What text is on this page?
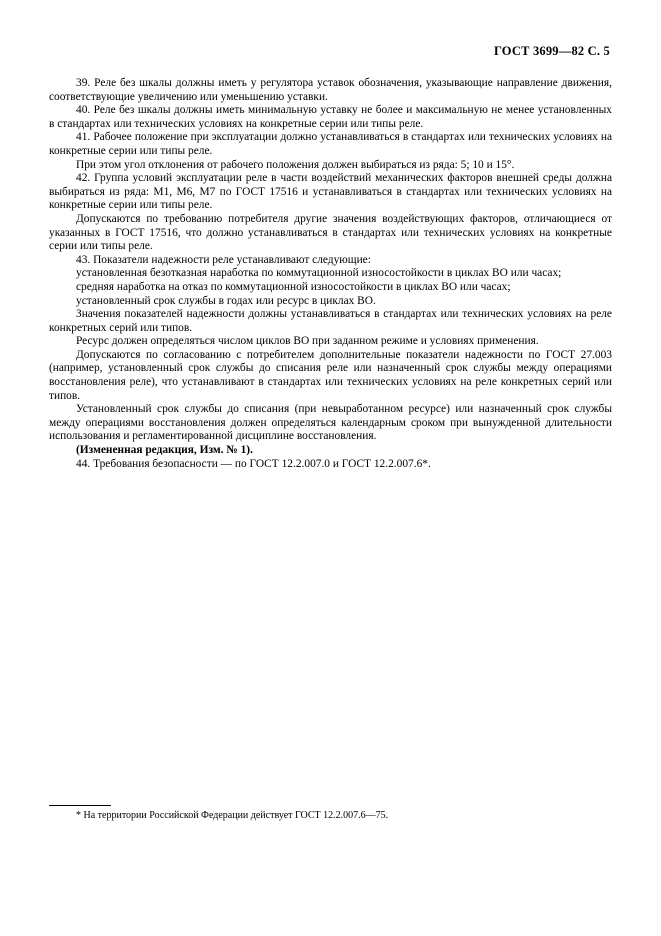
ГОСТ 3699—82 С. 5

39. Реле без шкалы должны иметь у регулятора уставок обозначения, указывающие направление движения, соответствующие увеличению или уменьшению уставки.

40. Реле без шкалы должны иметь минимальную уставку не более и максимальную не менее установленных в стандартах или технических условиях на конкретные серии или типы реле.

41. Рабочее положение при эксплуатации должно устанавливаться в стандартах или технических условиях на конкретные серии или типы реле.

При этом угол отклонения от рабочего положения должен выбираться из ряда: 5; 10 и 15°.

42. Группа условий эксплуатации реле в части воздействий механических факторов внешней среды должна выбираться из ряда: М1, М6, М7 по ГОСТ 17516 и устанавливаться в стандартах или технических условиях на конкретные серии или типы реле.

Допускаются по требованию потребителя другие значения воздействующих факторов, отличающиеся от указанных в ГОСТ 17516, что должно устанавливаться в стандартах или технических условиях на конкретные серии или типы реле.

43. Показатели надежности реле устанавливают следующие:

установленная безотказная наработка по коммутационной износостойкости в циклах ВО или часах;

средняя наработка на отказ по коммутационной износостойкости в циклах ВО или часах;

установленный срок службы в годах или ресурс в циклах ВО.

Значения показателей надежности должны устанавливаться в стандартах или технических условиях на реле конкретных серий или типов.

Ресурс должен определяться числом циклов ВО при заданном режиме и условиях применения.

Допускаются по согласованию с потребителем дополнительные показатели надежности по ГОСТ 27.003 (например, установленный срок службы до списания реле или назначенный срок службы между операциями восстановления реле), что устанавливают в стандартах или технических условиях на реле конкретных серий или типов.

Установленный срок службы до списания (при невыработанном ресурсе) или назначенный срок службы между операциями восстановления должен определяться календарным сроком при вынужденной длительности использования и регламентированной дисциплине восстановления.

(Измененная редакция, Изм. № 1).

44. Требования безопасности — по ГОСТ 12.2.007.0 и ГОСТ 12.2.007.6*.

* На территории Российской Федерации действует ГОСТ 12.2.007.6—75.
